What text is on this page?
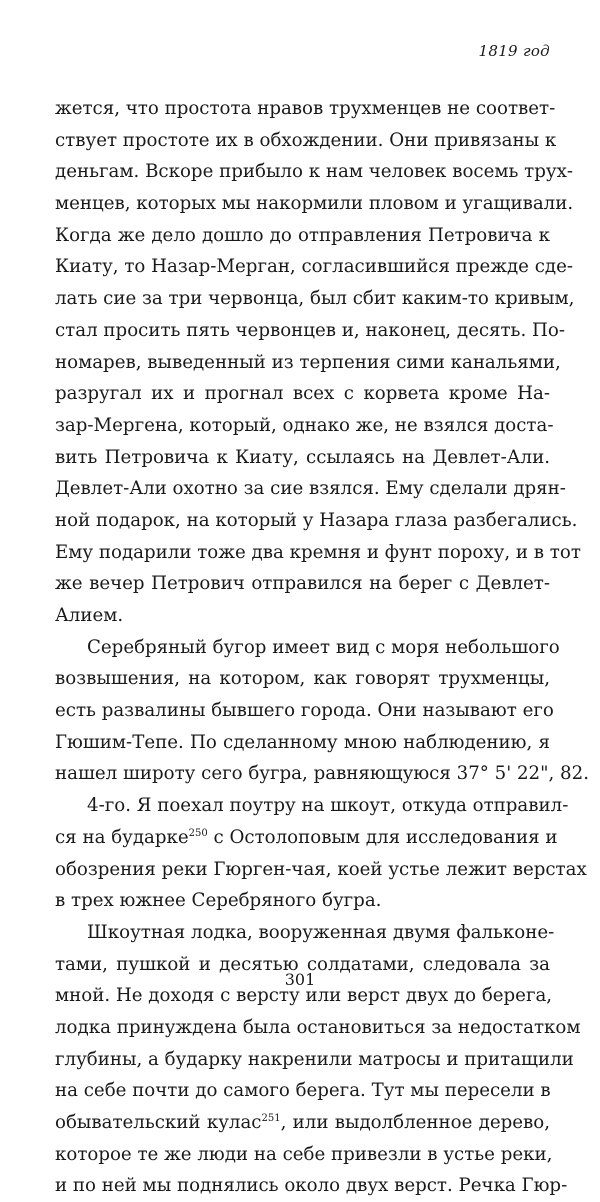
1819 год
жется, что простота нравов трухменцев не соответ-
ствует простоте их в обхождении. Они привязаны к
деньгам. Вскоре прибыло к нам человек восемь трух-
менцев, которых мы накормили пловом и угащивали.
Когда же дело дошло до отправления Петровича к
Киату, то Назар-Мерган, согласившийся прежде сде-
лать сие за три червонца, был сбит каким-то кривым,
стал просить пять червонцев и, наконец, десять. По-
номарев, выведенный из терпения сими канальями,
разругал их и прогнал всех с корвета кроме На-
зар-Мергена, который, однако же, не взялся доста-
вить Петровича к Киату, ссылаясь на Девлет-Али.
Девлет-Али охотно за сие взялся. Ему сделали дрян-
ной подарок, на который у Назара глаза разбегались.
Ему подарили тоже два кремня и фунт пороху, и в тот
же вечер Петрович отправился на берег с Девлет-
Алием.
Серебряный бугор имеет вид с моря небольшого
возвышения, на котором, как говорят трухменцы,
есть развалины бывшего города. Они называют его
Гюшим-Тепе. По сделанному мною наблюдению, я
нашел широту сего бугра, равняющуюся 37° 5' 22", 82.
4-го. Я поехал поутру на шкоут, откуда отправил-
ся на бударке$^{250}$ с Остолоповым для исследования и
обозрения реки Гюрген-чая, коей устье лежит верстах
в трех южнее Серебряного бугра.
Шкоутная лодка, вооруженная двумя фальконе-
тами, пушкой и десятью солдатами, следовала за
мной. Не доходя с версту или верст двух до берега,
лодка принуждена была остановиться за недостатком
глубины, а бударку накренили матросы и притащили
на себе почти до самого берега. Тут мы пересели в
обывательский кулас$^{251}$, или выдолбленное дерево,
которое те же люди на себе привезли в устье реки,
и по ней мы поднялись около двух верст. Речка Гюр-
301
